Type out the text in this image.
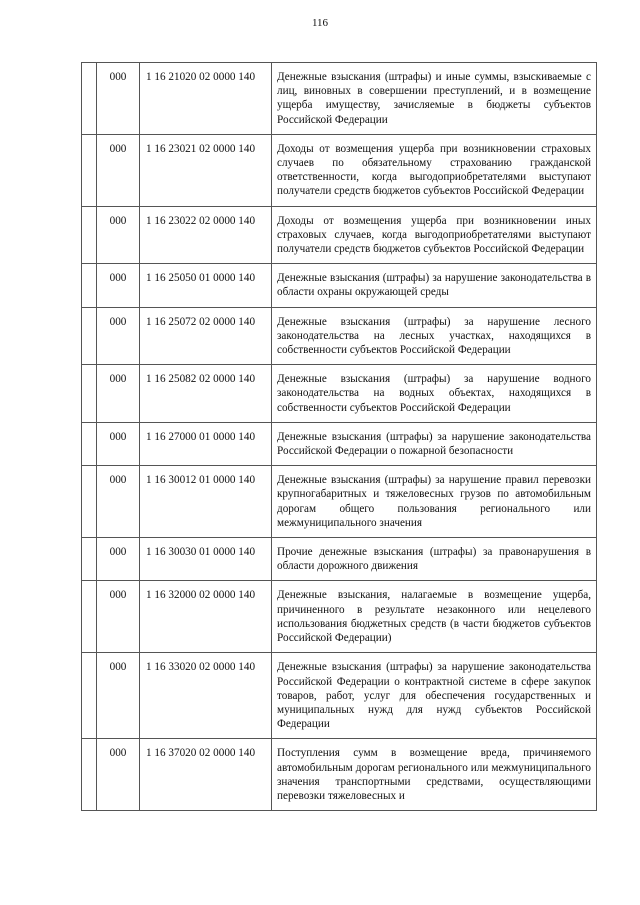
116
	000	1 16 21020 02 0000 140	Денежные взыскания (штрафы) и иные суммы, взыскиваемые с лиц, виновных в совершении преступлений, и в возмещение ущерба имуществу, зачисляемые в бюджеты субъектов Российской Федерации
	000	1 16 23021 02 0000 140	Доходы от возмещения ущерба при возникновении страховых случаев по обязательному страхованию гражданской ответственности, когда выгодоприобретателями выступают получатели средств бюджетов субъектов Российской Федерации
	000	1 16 23022 02 0000 140	Доходы от возмещения ущерба при возникновении иных страховых случаев, когда выгодоприобретателями выступают получатели средств бюджетов субъектов Российской Федерации
	000	1 16 25050 01 0000 140	Денежные взыскания (штрафы) за нарушение законодательства в области охраны окружающей среды
	000	1 16 25072 02 0000 140	Денежные взыскания (штрафы) за нарушение лесного законодательства на лесных участках, находящихся в собственности субъектов Российской Федерации
	000	1 16 25082 02 0000 140	Денежные взыскания (штрафы) за нарушение водного законодательства на водных объектах, находящихся в собственности субъектов Российской Федерации
	000	1 16 27000 01 0000 140	Денежные взыскания (штрафы) за нарушение законодательства Российской Федерации о пожарной безопасности
	000	1 16 30012 01 0000 140	Денежные взыскания (штрафы) за нарушение правил перевозки крупногабаритных и тяжеловесных грузов по автомобильным дорогам общего пользования регионального или межмуниципального значения
	000	1 16 30030 01 0000 140	Прочие денежные взыскания (штрафы) за правонарушения в области дорожного движения
	000	1 16 32000 02 0000 140	Денежные взыскания, налагаемые в возмещение ущерба, причиненного в результате незаконного или нецелевого использования бюджетных средств (в части бюджетов субъектов Российской Федерации)
	000	1 16 33020 02 0000 140	Денежные взыскания (штрафы) за нарушение законодательства Российской Федерации о контрактной системе в сфере закупок товаров, работ, услуг для обеспечения государственных и муниципальных нужд для нужд субъектов Российской Федерации
	000	1 16 37020 02 0000 140	Поступления сумм в возмещение вреда, причиняемого автомобильным дорогам регионального или межмуниципального значения транспортными средствами, осуществляющими перевозки тяжеловесных и
